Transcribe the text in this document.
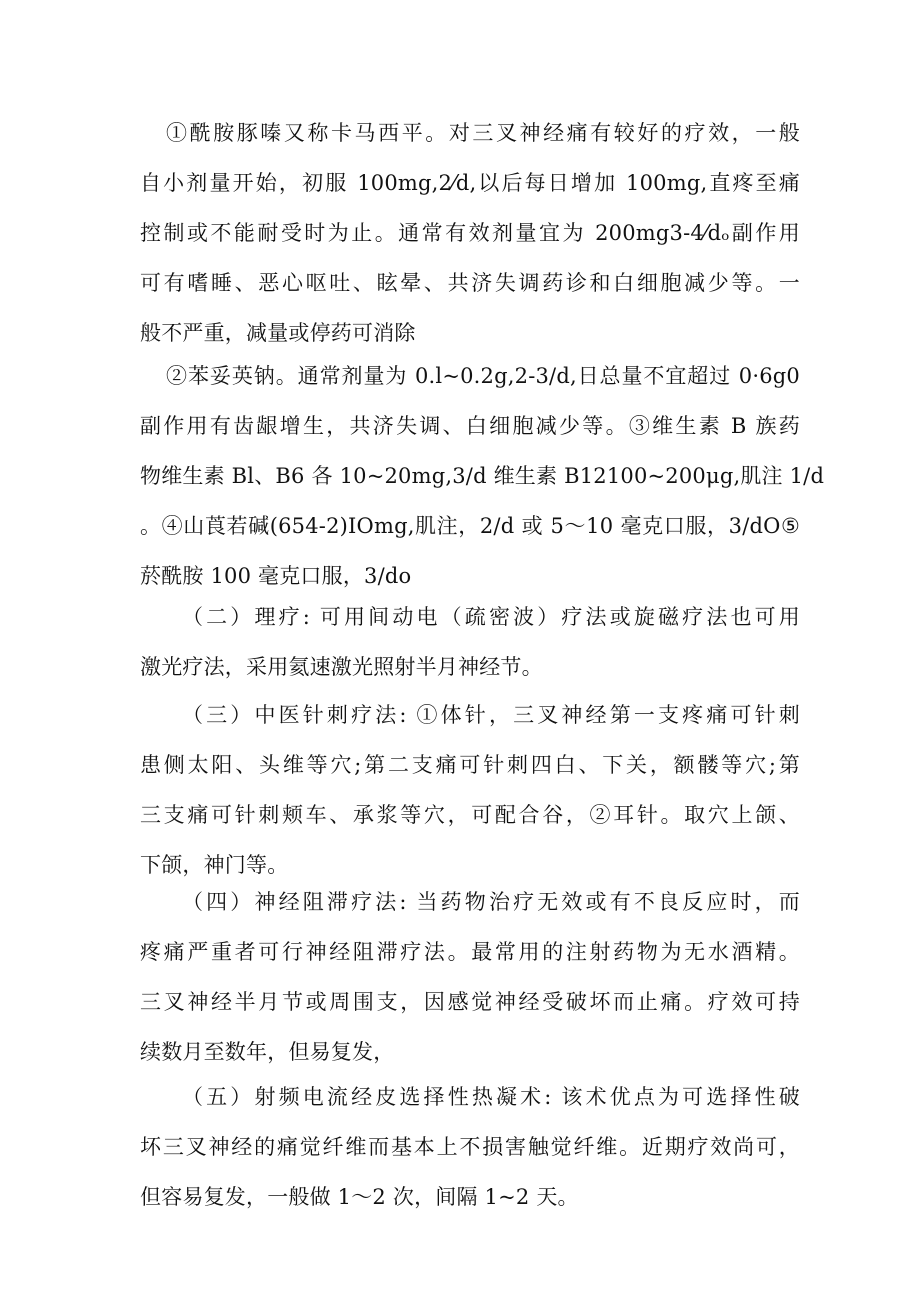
①酰胺豚嗪又称卡马西平。对三叉神经痛有较好的疗效，一般
自小剂量开始，初服 100mg,2⁄d,以后每日增加 100mg,直疼至痛
控制或不能耐受时为止。通常有效剂量宜为 200mg3-4⁄dₒ副作用
可有嗜睡、恶心呕吐、眩晕、共济失调药诊和白细胞减少等。一
般不严重，减量或停药可消除
②苯妥英钠。通常剂量为 0.l~0.2g,2-3/d,日总量不宜超过 0·6g0
副作用有齿龈增生，共济失调、白细胞减少等。③维生素 B 族药
物维生素 Bl、B6 各 10~20mg,3/d 维生素 B12100~200μg,肌注 1/d
。④山莨若碱(654-2)IOmg,肌注，2/d 或 5～10 毫克口服，3/dO⑤
菸酰胺 100 毫克口服，3/do
（二）理疗: 可用间动电（疏密波）疗法或旋磁疗法也可用
激光疗法，采用氦速激光照射半月神经节。
（三）中医针刺疗法: ①体针，三叉神经第一支疼痛可针刺
患侧太阳、头维等穴;第二支痛可针刺四白、下关，额髅等穴;第
三支痛可针刺颊车、承浆等穴，可配合谷，②耳针。取穴上颌、
下颌，神门等。
（四）神经阻滞疗法: 当药物治疗无效或有不良反应时，而
疼痛严重者可行神经阻滞疗法。最常用的注射药物为无水酒精。
三叉神经半月节或周围支，因感觉神经受破坏而止痛。疗效可持
续数月至数年，但易复发，
（五）射频电流经皮选择性热凝术: 该术优点为可选择性破
坏三叉神经的痛觉纤维而基本上不损害触觉纤维。近期疗效尚可，
但容易复发，一般做 1～2 次，间隔 1~2 天。
